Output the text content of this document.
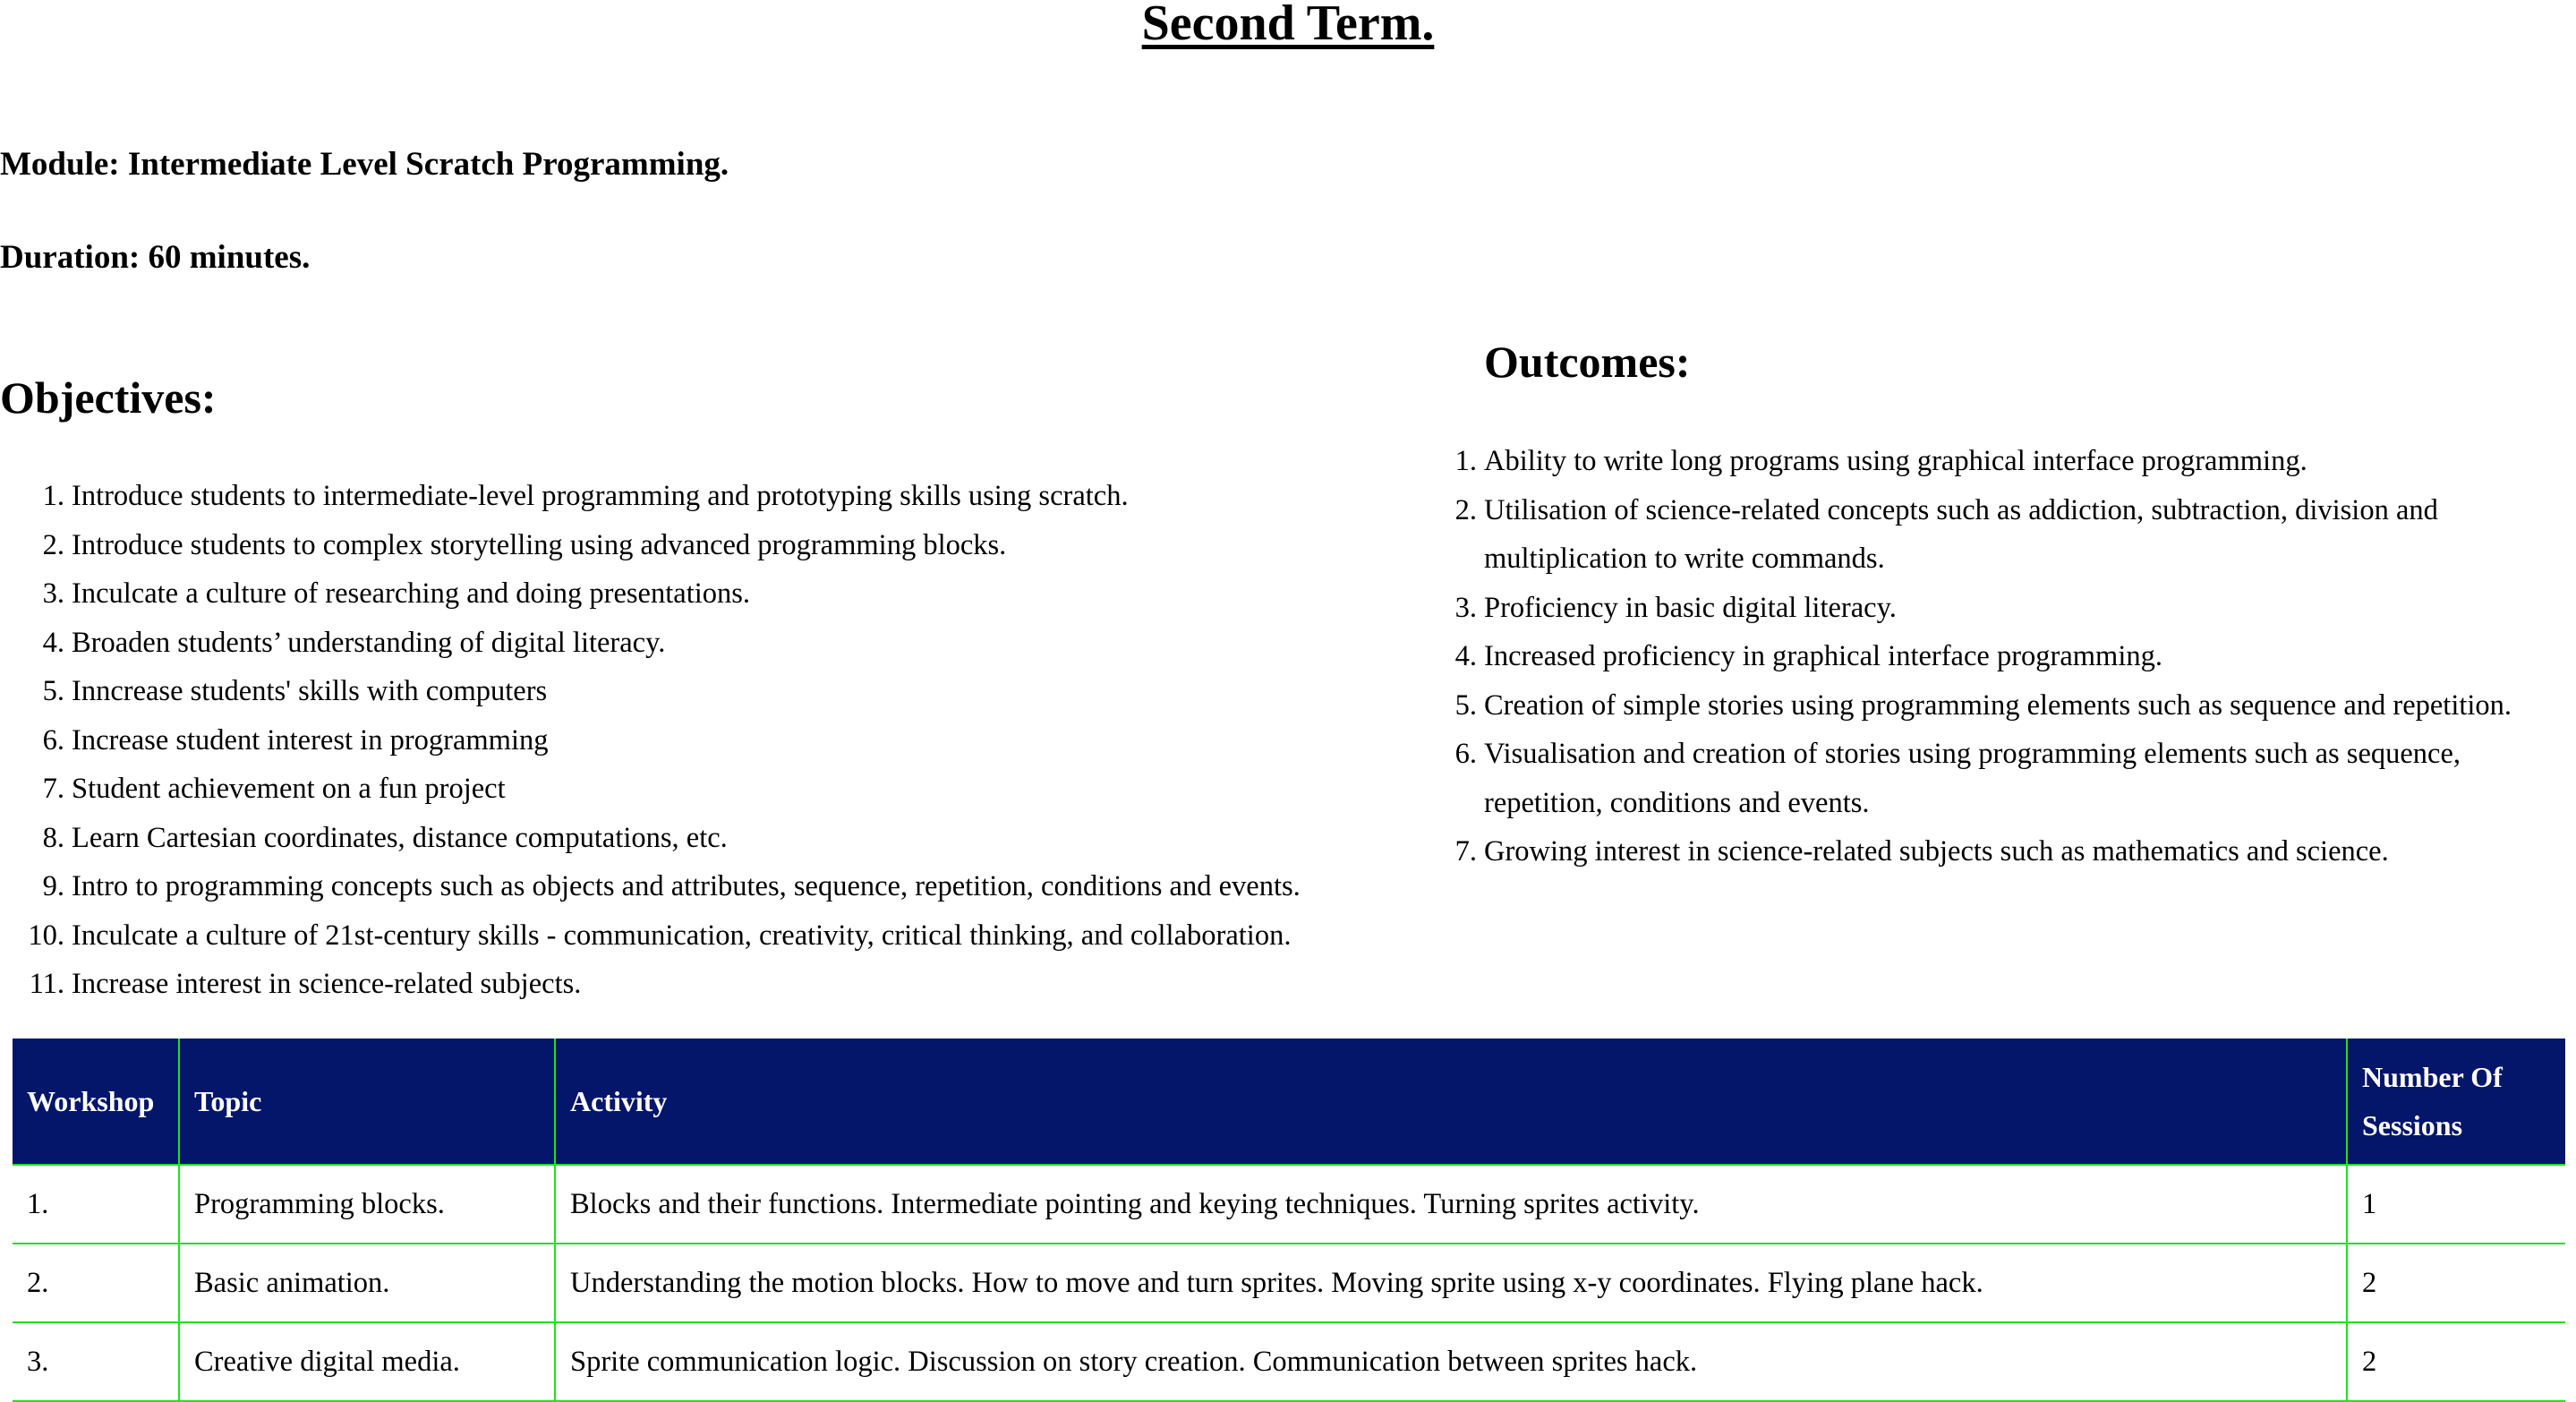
Second Term.

Module: Intermediate Level Scratch Programming.

Duration: 60 minutes.

Objectives:
1. Introduce students to intermediate-level programming and prototyping skills using scratch.
2. Introduce students to complex storytelling using advanced programming blocks.
3. Inculcate a culture of researching and doing presentations.
4. Broaden students’ understanding of digital literacy.
5. Inncrease students' skills with computers
6. Increase student interest in programming
7. Student achievement on a fun project
8. Learn Cartesian coordinates, distance computations, etc.
9. Intro to programming concepts such as objects and attributes, sequence, repetition, conditions and events.
10. Inculcate a culture of 21st-century skills - communication, creativity, critical thinking, and collaboration.
11. Increase interest in science-related subjects.
Outcomes:
1. Ability to write long programs using graphical interface programming.
2. Utilisation of science-related concepts such as addiction, subtraction, division and multiplication to write commands.
3. Proficiency in basic digital literacy.
4. Increased proficiency in graphical interface programming.
5. Creation of simple stories using programming elements such as sequence and repetition.
6. Visualisation and creation of stories using programming elements such as sequence, repetition, conditions and events.
7. Growing interest in science-related subjects such as mathematics and science.
Workshop	Topic	Activity	Number Of Sessions
1.	Programming blocks.	Blocks and their functions. Intermediate pointing and keying techniques. Turning sprites activity.	1
2.	Basic animation.	Understanding the motion blocks. How to move and turn sprites. Moving sprite using x-y coordinates. Flying plane hack.	2
3.	Creative digital media.	Sprite communication logic. Discussion on story creation. Communication between sprites hack.	2
